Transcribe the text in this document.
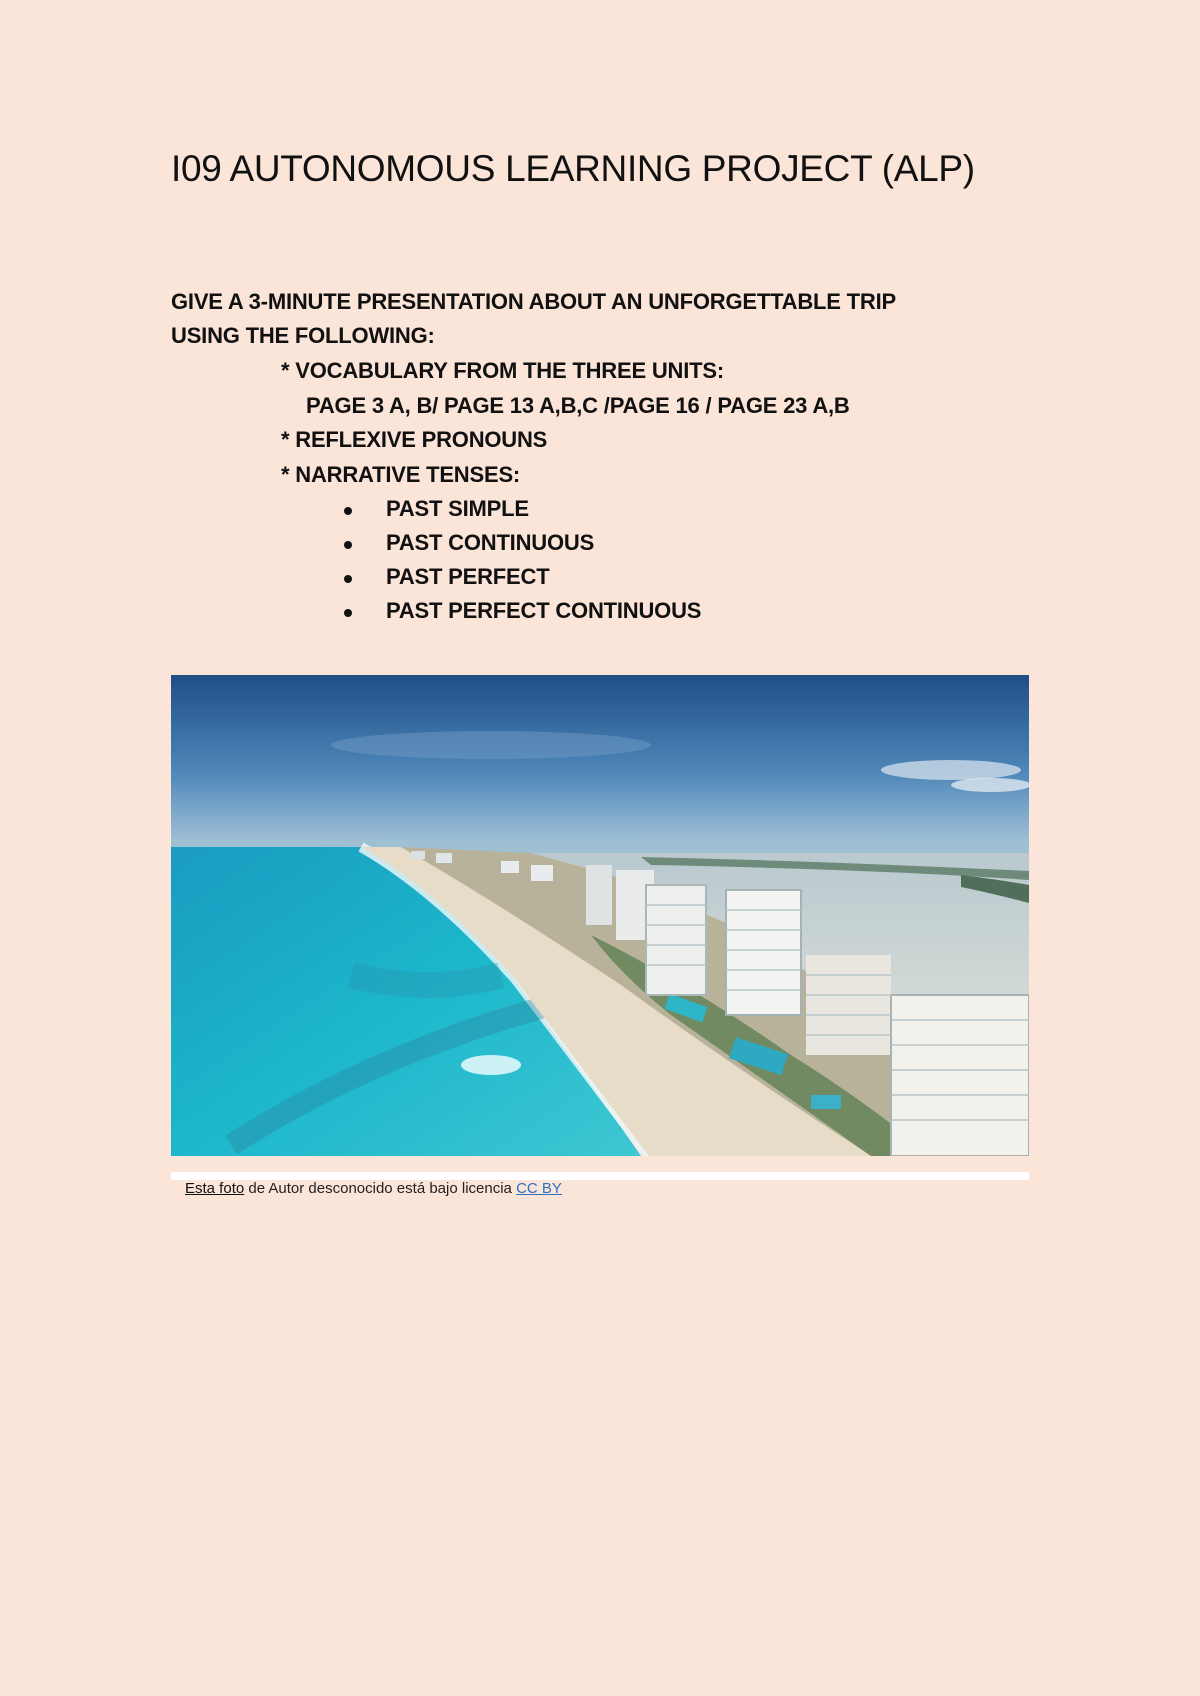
I09 AUTONOMOUS LEARNING PROJECT (ALP)
GIVE A 3-MINUTE PRESENTATION ABOUT AN UNFORGETTABLE TRIP
USING THE FOLLOWING:
* VOCABULARY FROM THE THREE UNITS:
PAGE 3 A, B/ PAGE 13 A,B,C /PAGE 16 / PAGE 23 A,B
* REFLEXIVE PRONOUNS
* NARRATIVE TENSES:
PAST SIMPLE
PAST CONTINUOUS
PAST PERFECT
PAST PERFECT CONTINUOUS
Esta foto de Autor desconocido está bajo licencia CC BY
